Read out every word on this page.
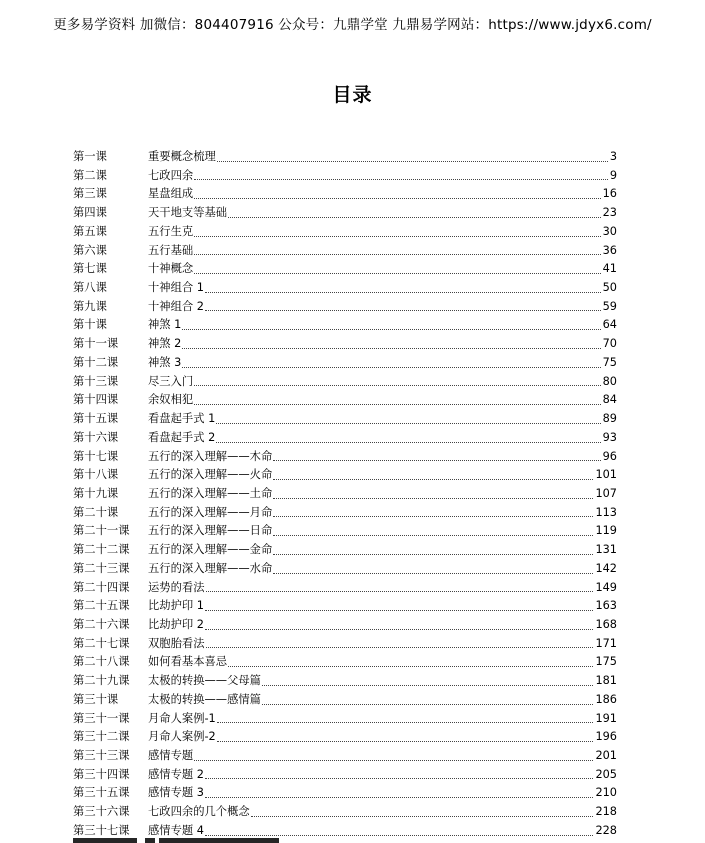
更多易学资料 加微信：804407916 公众号：九鼎学堂 九鼎易学网站：https://www.jdyx6.com/
目录
第一课	重要概念梳理	3
第二课	七政四余	9
第三课	星盘组成	16
第四课	天干地支等基础	23
第五课	五行生克	30
第六课	五行基础	36
第七课	十神概念	41
第八课	十神组合 1	50
第九课	十神组合 2	59
第十课	神煞 1	64
第十一课	神煞 2	70
第十二课	神煞 3	75
第十三课	尽三入门	80
第十四课	余奴相犯	84
第十五课	看盘起手式 1	89
第十六课	看盘起手式 2	93
第十七课	五行的深入理解——木命	96
第十八课	五行的深入理解——火命	101
第十九课	五行的深入理解——土命	107
第二十课	五行的深入理解——月命	113
第二十一课 五行的深入理解——日命	119
第二十二课 五行的深入理解——金命	131
第二十三课 五行的深入理解——水命	142
第二十四课 运势的看法	149
第二十五课 比劫护印 1	163
第二十六课 比劫护印 2	168
第二十七课 双胞胎看法	171
第二十八课 如何看基本喜忌	175
第二十九课 太极的转换——父母篇	181
第三十课	太极的转换——感情篇	186
第三十一课 月命人案例-1	191
第三十二课 月命人案例-2	196
第三十三课 感情专题	201
第三十四课 感情专题 2	205
第三十五课 感情专题 3	210
第三十六课 七政四余的几个概念	218
第三十七课 感情专题 4	228
